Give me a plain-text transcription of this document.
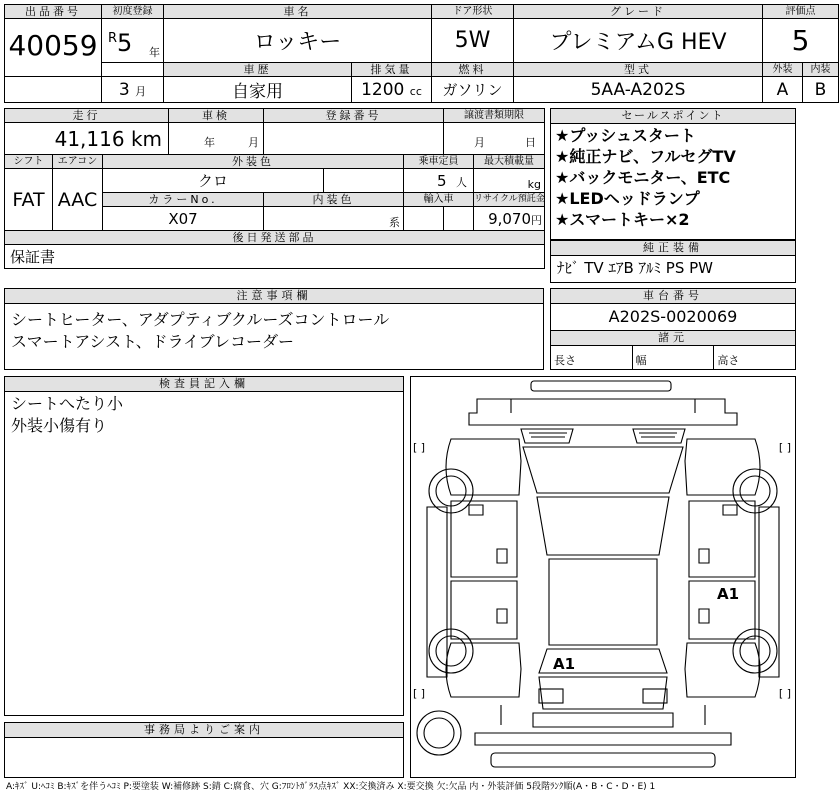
出品番号	初度登録	車名		ドア形状	グレード	評価点	
40059	R 5 年	ロッキー		5W	プレミアムG HEV	5	

		車歴	排気量	燃料	型式	外装	内装
	3 月	自家用	1200 cc	ガソリン	5AA-A202S	A	B
走行			車検	登録番号			譲渡書類期限	
41,116 km			年 月				月 日	

シフト	エアコン	外装色				乗車定員		最大積載量
FAT	AAC	クロ				5 人		kg
		カラーNo.		内装色		輸入車		リサイクル預託金
		X07		系				9,070円
後日発送部品								
保証書								
セールスポイント
★プッシュスタート
★純正ナビ、フルセグTV
★バックモニター、ETC
★LEDヘッドランプ
★スマートキー×2
純正装備
ﾅﾋﾞ TV ｴｱB ｱﾙﾐ PS PW
注意事項欄
シートヒーター、アダプティブクルーズコントロール
スマートアシスト、ドライブレコーダー
車台番号
A202S-0020069
諸元
長さ	幅	高さ
検査員記入欄
シートへたり小
外装小傷有り
事務局よりご案内
[ ]	[ ]
[ ]	[ ]
A1
A1
A:ｷｽﾞ U:ﾍｺﾐ B:ｷｽﾞを伴うﾍｺﾐ P:要塗装 W:補修跡 S:錆 C:腐食、穴 G:ﾌﾛﾝﾄｶﾞﾗｽ点ｷｽﾞ XX:交換済み X:要交換 欠:欠品 内・外装評価 5段階ﾗﾝｸ順(A・B・C・D・E) 1
